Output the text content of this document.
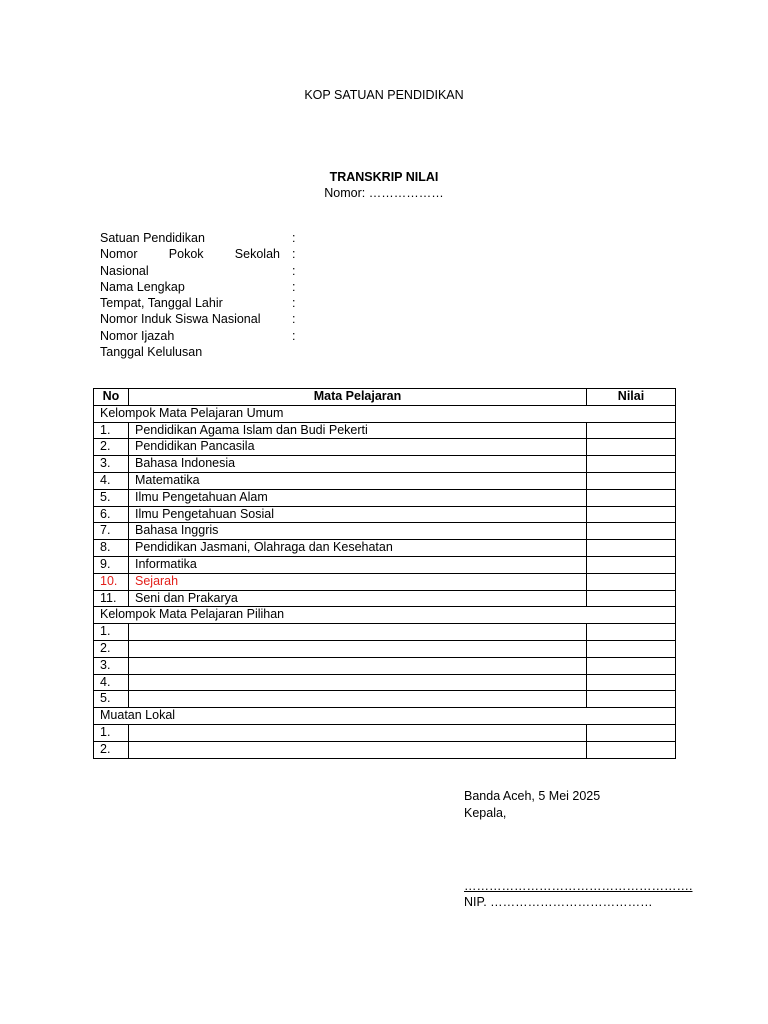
KOP SATUAN PENDIDIKAN
TRANSKRIP NILAI
Nomor: ………………
Satuan Pendidikan	:
Nomor	Pokok	Sekolah :
Nasional	:
Nama Lengkap	:
Tempat, Tanggal Lahir	:
Nomor Induk Siswa Nasional	:
Nomor Ijazah	:
Tanggal Kelulusan
No	Mata Pelajaran	Nilai
Kelompok Mata Pelajaran Umum		
1.	Pendidikan Agama Islam dan Budi Pekerti	
2.	Pendidikan Pancasila	
3.	Bahasa Indonesia	
4.	Matematika	
5.	Ilmu Pengetahuan Alam	
6.	Ilmu Pengetahuan Sosial	
7.	Bahasa Inggris	
8.	Pendidikan Jasmani, Olahraga dan Kesehatan	
9.	Informatika	
10.	Sejarah	
11.	Seni dan Prakarya	
Kelompok Mata Pelajaran Pilihan		
1.		
2.		
3.		
4.		
5.		
Muatan Lokal		
1.		
2.		
Banda Aceh, 5 Mei 2025
Kepala,
……………………………………………….
NIP. …………………………………
